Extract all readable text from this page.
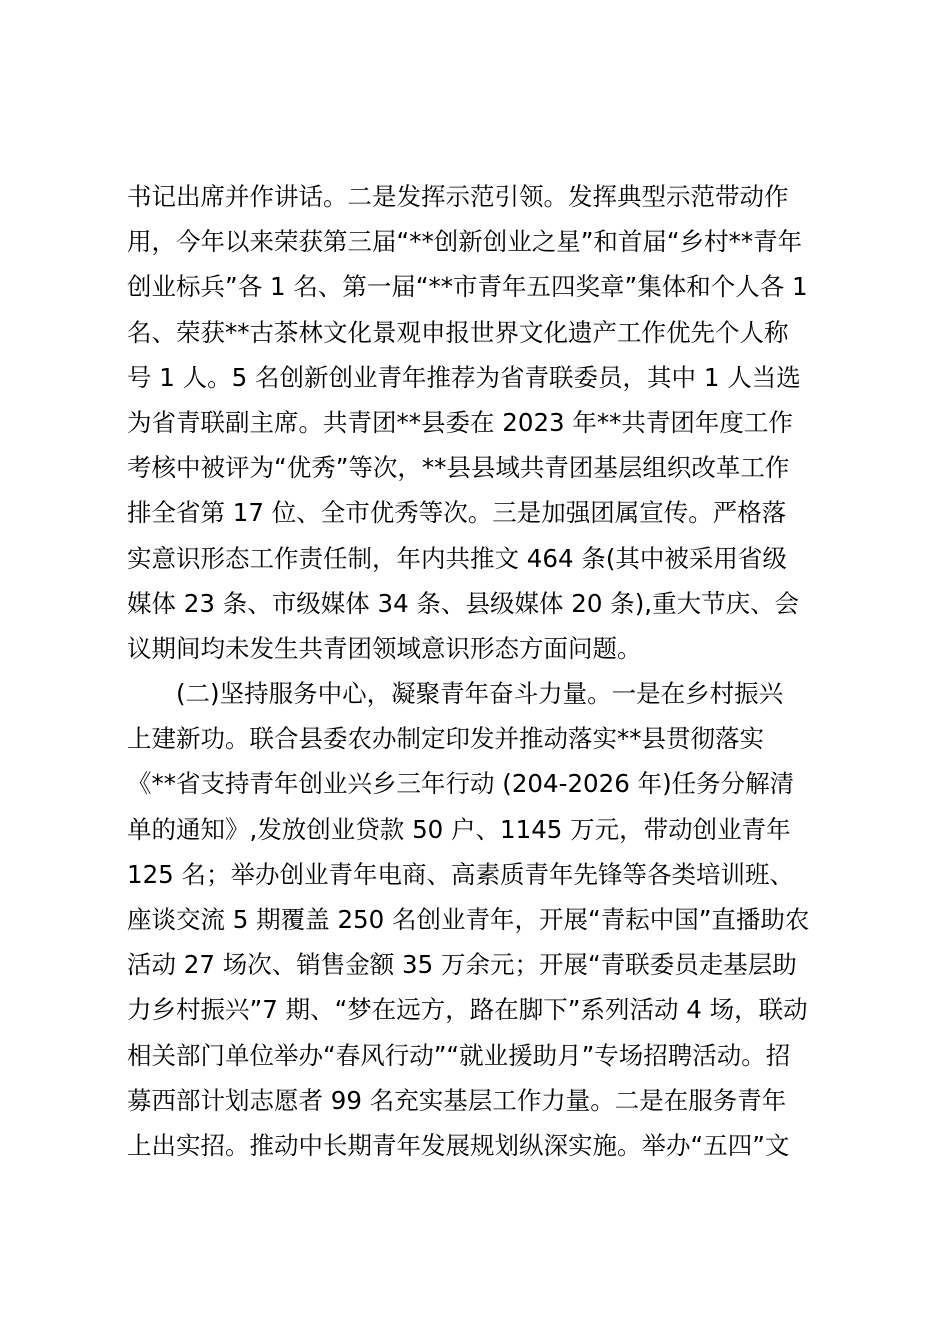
书记出席并作讲话。二是发挥示范引领。发挥典型示范带动作
用，今年以来荣获第三届“**创新创业之星”和首届“乡村**青年
创业标兵”各 1 名、第一届“**市青年五四奖章”集体和个人各 1
名、荣获**古茶林文化景观申报世界文化遗产工作优先个人称
号 1 人。5 名创新创业青年推荐为省青联委员，其中 1 人当选
为省青联副主席。共青团**县委在 2023 年**共青团年度工作
考核中被评为“优秀”等次，**县县域共青团基层组织改革工作
排全省第 17 位、全市优秀等次。三是加强团属宣传。严格落
实意识形态工作责任制，年内共推文 464 条(其中被采用省级
媒体 23 条、市级媒体 34 条、县级媒体 20 条),重大节庆、会
议期间均未发生共青团领域意识形态方面问题。
(二)坚持服务中心，凝聚青年奋斗力量。一是在乡村振兴
上建新功。联合县委农办制定印发并推动落实**县贯彻落实
《**省支持青年创业兴乡三年行动 (204-2026 年)任务分解清
单的通知》,发放创业贷款 50 户、1145 万元，带动创业青年
125 名；举办创业青年电商、高素质青年先锋等各类培训班、
座谈交流 5 期覆盖 250 名创业青年，开展“青耘中国”直播助农
活动 27 场次、销售金额 35 万余元；开展“青联委员走基层助
力乡村振兴”7 期、“梦在远方，路在脚下”系列活动 4 场，联动
相关部门单位举办“春风行动”“就业援助月”专场招聘活动。招
募西部计划志愿者 99 名充实基层工作力量。二是在服务青年
上出实招。推动中长期青年发展规划纵深实施。举办“五四”文
